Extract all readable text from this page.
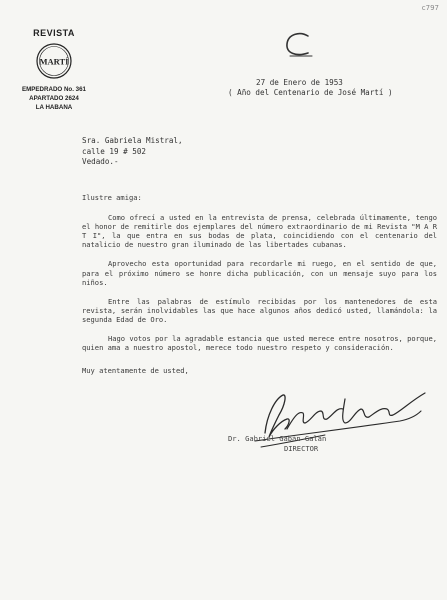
c797
REVISTA
MARTÍ
EMPEDRADO No. 361
APARTADO 2624
LA HABANA
27 de Enero de 1953
( Año del Centenario de José Martí )
Sra. Gabriela Mistral,
calle 19 # 502
Vedado.-
Ilustre amiga:

Como ofrecí a usted en la entrevista de prensa, celebrada últimamente, tengo el honor de remitirle dos ejemplares del número extraordinario de mi Revista "M A R T I", la que entra en sus bodas de plata, coincidiendo con el centenario del natalicio de nuestro gran iluminado de las libertades cubanas.

Aprovecho esta oportunidad para recordarle mi ruego, en el sentido de que, para el próximo número se honre dicha publicación, con un mensaje suyo para los niños.

Entre las palabras de estímulo recibidas por los mantenedores de esta revista, serán inolvidables las que hace algunos años dedicó usted, llamándola: la segunda Edad de Oro.

Hago votos por la agradable estancia que usted merece entre nosotros, porque, quien ama a nuestro apostol, merece todo nuestro respeto y consideración.

Muy atentamente de usted,

Dr. Gabriel Gabán Galán
DIRECTOR
